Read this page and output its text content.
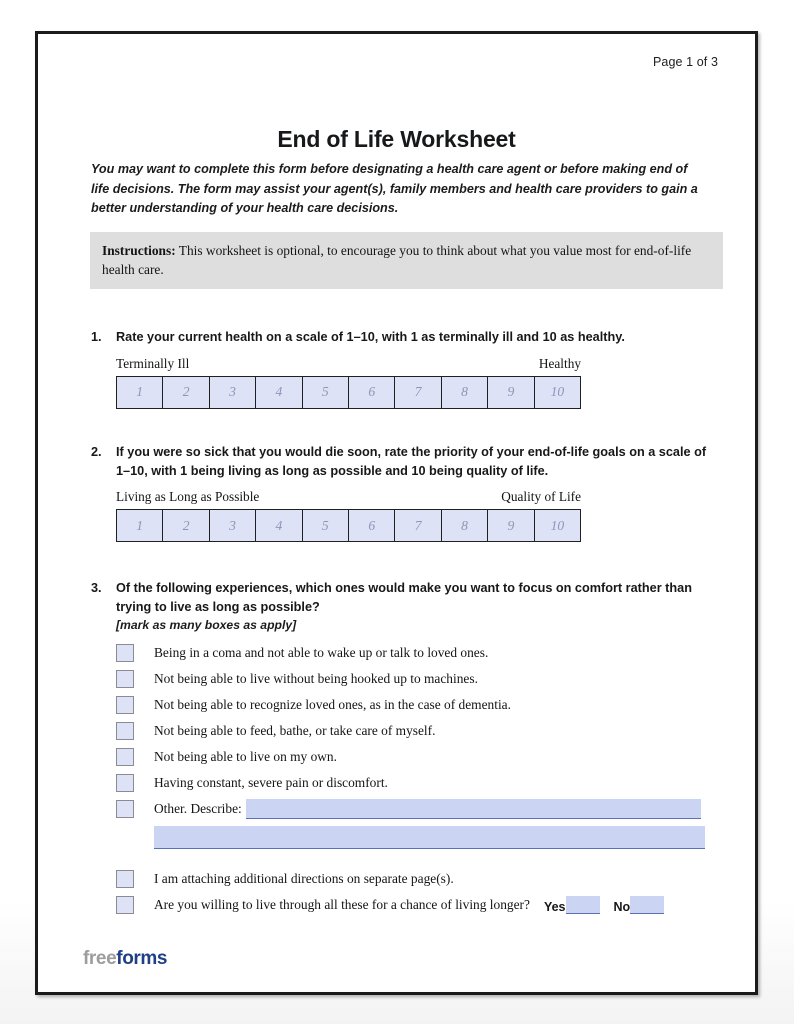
Page 1 of 3
End of Life Worksheet
You may want to complete this form before designating a health care agent or before making end of life decisions. The form may assist your agent(s), family members and health care providers to gain a better understanding of your health care decisions.
Instructions: This worksheet is optional, to encourage you to think about what you value most for end-of-life health care.
1.	Rate your current health on a scale of 1–10, with 1 as terminally ill and 10 as healthy.
Terminally Ill	Healthy
1	2	3	4	5	6	7	8	9	10
2.	If you were so sick that you would die soon, rate the priority of your end-of-life goals on a scale of 1–10, with 1 being living as long as possible and 10 being quality of life.
Living as Long as Possible	Quality of Life
1	2	3	4	5	6	7	8	9	10
3.	Of the following experiences, which ones would make you want to focus on comfort rather than trying to live as long as possible?
[mark as many boxes as apply]
Being in a coma and not able to wake up or talk to loved ones.
Not being able to live without being hooked up to machines.
Not being able to recognize loved ones, as in the case of dementia.
Not being able to feed, bathe, or take care of myself.
Not being able to live on my own.
Having constant, severe pain or discomfort.
Other. Describe:
I am attaching additional directions on separate page(s).
Are you willing to live through all these for a chance of living longer? Yes	No
freeforms
